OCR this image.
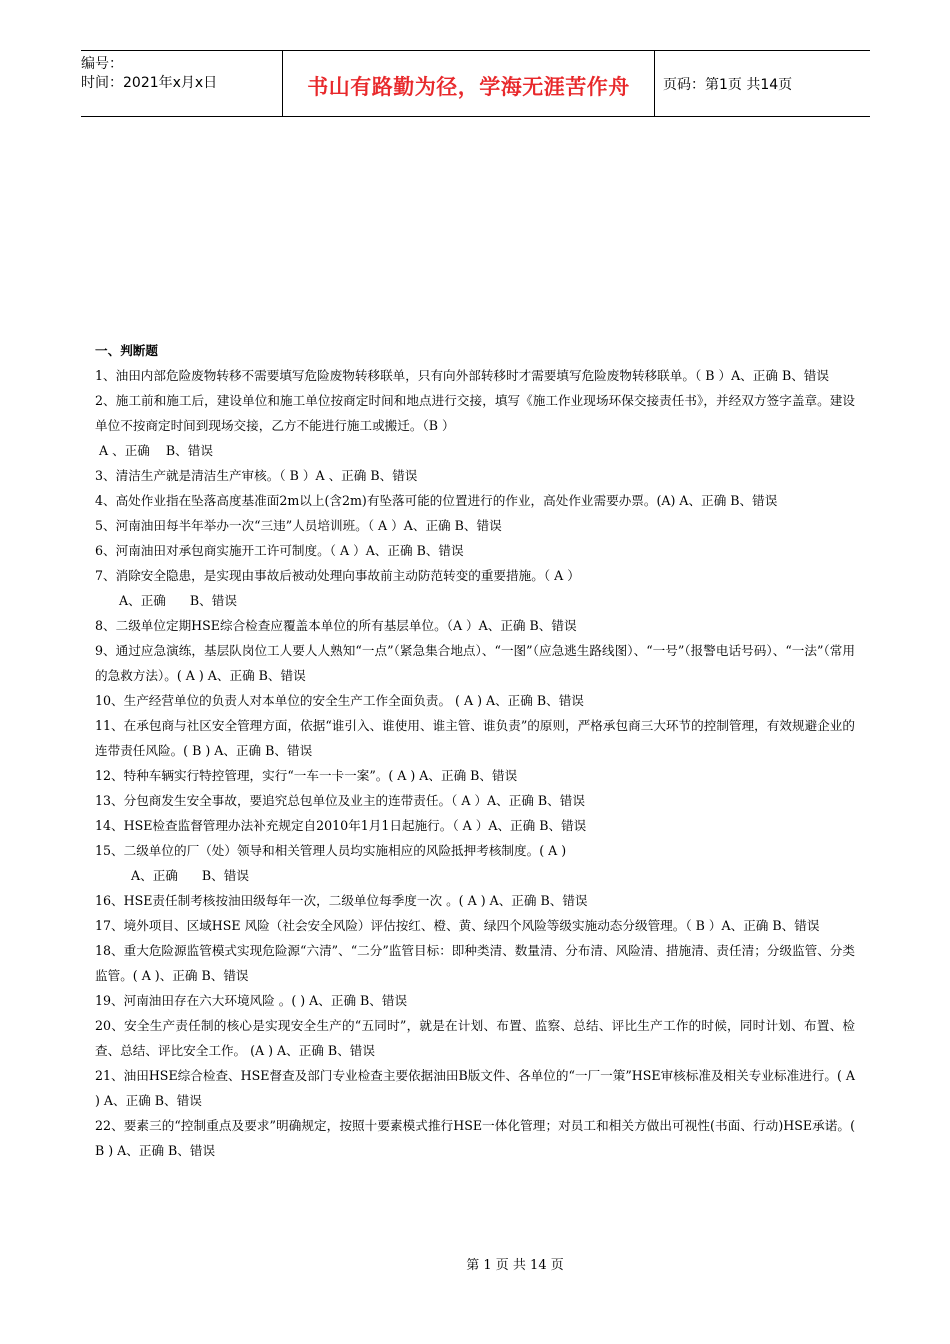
编号：
时间：2021年x月x日	书山有路勤为径，学海无涯苦作舟 页码：第1页 共14页
一、判断题

1、油田内部危险废物转移不需要填写危险废物转移联单，只有向外部转移时才需要填写危险废物转移联单。（ B ）A、正确 B、错误

2、施工前和施工后，建设单位和施工单位按商定时间和地点进行交接，填写《施工作业现场环保交接责任书》，并经双方签字盖章。建设单位不按商定时间到现场交接，乙方不能进行施工或搬迁。（B ）
A 、正确    B、错误

3、清洁生产就是清洁生产审核。（ B ）A 、正确 B、错误

4、高处作业指在坠落高度基准面2m以上(含2m)有坠落可能的位置进行的作业，高处作业需要办票。(A) A、正确 B、错误

5、河南油田每半年举办一次“三违”人员培训班。（ A ）A、正确 B、错误

6、河南油田对承包商实施开工许可制度。（ A ）A、正确 B、错误

7、消除安全隐患，是实现由事故后被动处理向事故前主动防范转变的重要措施。（ A ）
A、正确      B、错误

8、二级单位定期HSE综合检查应覆盖本单位的所有基层单位。（A ）A、正确 B、错误

9、通过应急演练，基层队岗位工人要人人熟知“一点”（紧急集合地点）、“一图”（应急逃生路线图）、“一号”（报警电话号码）、“一法”（常用的急救方法）。( A ) A、正确 B、错误

10、生产经营单位的负责人对本单位的安全生产工作全面负责。 ( A ) A、正确 B、错误

11、在承包商与社区安全管理方面，依据“谁引入、谁使用、谁主管、谁负责”的原则，严格承包商三大环节的控制管理，有效规避企业的连带责任风险。( B ) A、正确 B、错误

12、特种车辆实行特控管理，实行“一车一卡一案”。( A ) A、正确 B、错误

13、分包商发生安全事故，要追究总包单位及业主的连带责任。（ A ）A、正确 B、错误

14、HSE检查监督管理办法补充规定自2010年1月1日起施行。（ A ）A、正确 B、错误

15、二级单位的厂（处）领导和相关管理人员均实施相应的风险抵押考核制度。( A )
A、正确      B、错误

16、HSE责任制考核按油田级每年一次，二级单位每季度一次 。( A ) A、正确 B、错误

17、境外项目、区域HSE 风险（社会安全风险）评估按红、橙、黄、绿四个风险等级实施动态分级管理。（ B ）A、正确 B、错误

18、重大危险源监管模式实现危险源“六清”、“二分”监管目标：即种类清、数量清、分布清、风险清、措施清、责任清；分级监管、分类监管。( A )、正确 B、错误

19、河南油田存在六大环境风险 。( ) A、正确 B、错误

20、安全生产责任制的核心是实现安全生产的“五同时”，就是在计划、布置、监察、总结、评比生产工作的时候，同时计划、布置、检查、总结、评比安全工作。 (A ) A、正确 B、错误

21、油田HSE综合检查、HSE督查及部门专业检查主要依据油田B版文件、各单位的“一厂一策”HSE审核标准及相关专业标准进行。( A ) A、正确 B、错误

22、要素三的“控制重点及要求”明确规定，按照十要素模式推行HSE一体化管理；对员工和相关方做出可视性(书面、行动)HSE承诺。( B ) A、正确 B、错误

第 1 页 共 14 页
